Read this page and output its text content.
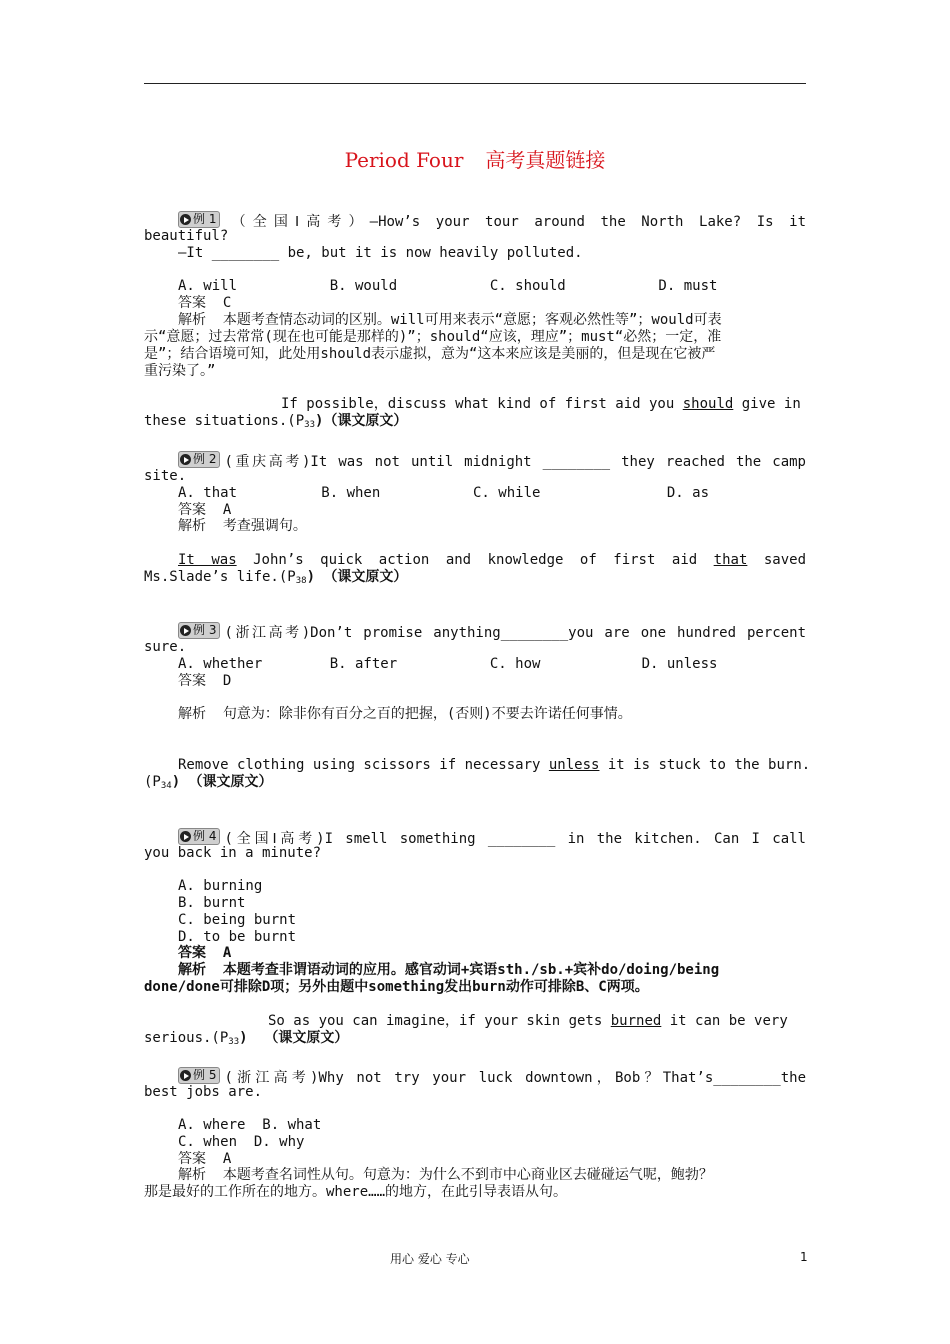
Period Four 高考真题链接
例 1 （全国Ⅰ高考）—How’s your tour around the North Lake? Is it
beautiful?
—It ________ be, but it is now heavily polluted.
A. will           B. would           C. should           D. must
答案  C
解析  本题考查情态动词的区别。will可用来表示“意愿；客观必然性等”；would可表
示“意愿；过去常常(现在也可能是那样的)”；should“应该，理应”；must“必然；一定，准
是”；结合语境可知，此处用should表示虚拟，意为“这本来应该是美丽的，但是现在它被严
重污染了。”
If possible，discuss what kind of first aid you should give in
these $situations.(P_{33})$（课文原文）
例 2 (重庆高考)It was not until midnight ________ they reached the camp
site.
A. that          B. when           C. while               D. as
答案  A
解析  考查强调句。
It was John’s quick action and knowledge of first aid that saved
Ms.Slade’s $life.(P_{38})$ （课文原文）
例 3 (浙江高考)Don’t promise anything________you are one hundred percent
sure.
A. whether        B. after           C. how            D. unless
答案  D
解析  句意为：除非你有百分之百的把握，(否则)不要去许诺任何事情。
Remove clothing using scissors if necessary unless it is stuck to the burn.
$(P_{34})$ （课文原文）
例 4 (全国Ⅰ高考)I smell something ________ in the kitchen. Can I call
you back in a minute?
A. burning
B. burnt
C. being burnt
D. to be burnt
答案  A
解析  本题考查非谓语动词的应用。感官动词+宾语sth./sb.+宾补do/doing/being
done/done可排除D项；另外由题中something发出burn动作可排除B、C两项。
So as you can imagine，if your skin gets burned it can be very
$serious.(P_{33})$  （课文原文）
例 5 (浙江高考)Why not try your luck downtown，Bob？That’s________the
best jobs are.
A. where  B. what
C. when  D. why
答案  A
解析  本题考查名词性从句。句意为：为什么不到市中心商业区去碰碰运气呢，鲍勃？
那是最好的工作所在的地方。where……的地方，在此引导表语从句。
用心 爱心 专心	1
